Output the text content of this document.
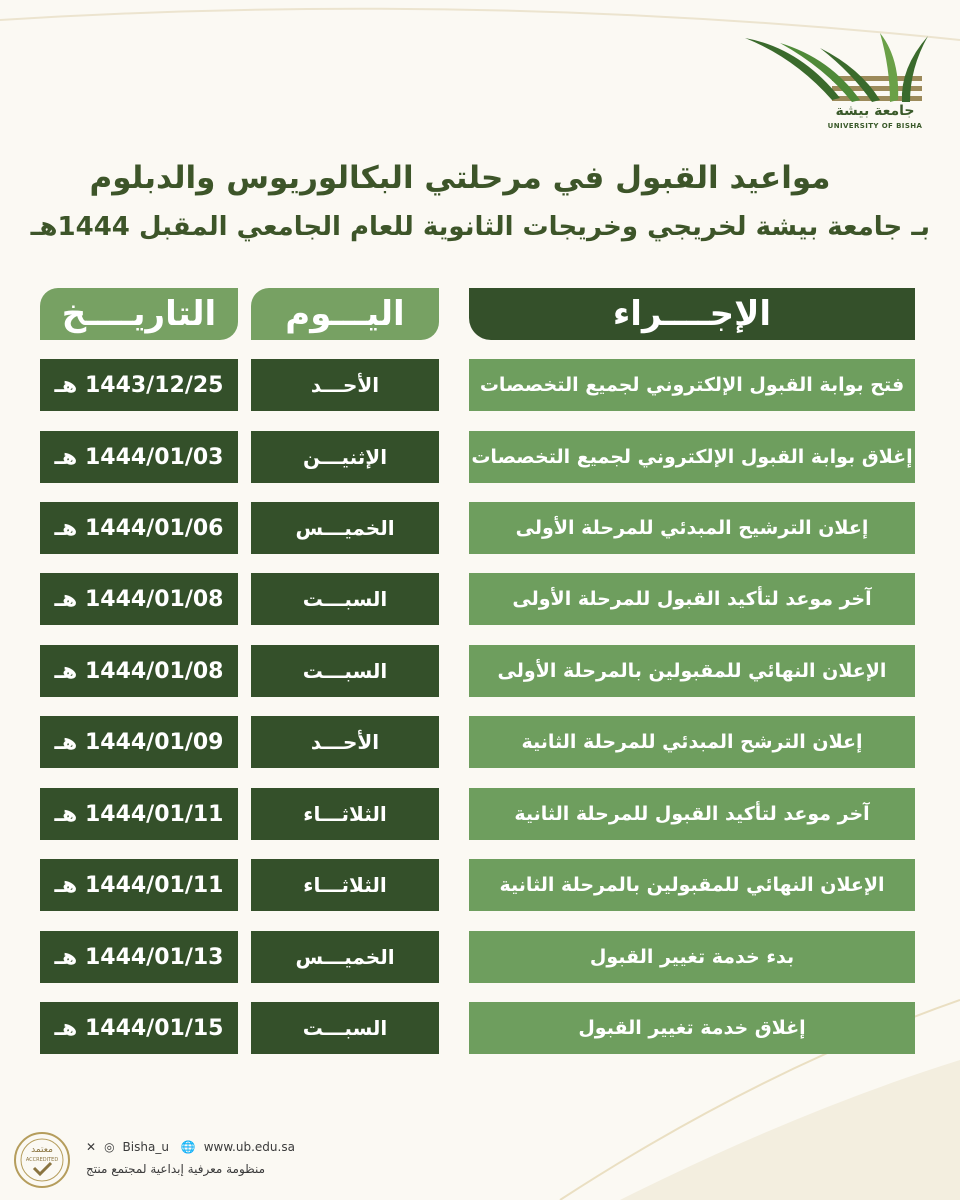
جامعة بيشة
UNIVERSITY OF BISHA
مواعيد القبول في مرحلتي البكالوريوس والدبلوم
بـ جامعة بيشة لخريجي وخريجات الثانوية للعام الجامعي المقبل 1444هـ
الإجــــراء
اليـــوم
التاريــــخ
فتح بوابة القبول الإلكتروني لجميع التخصصات
الأحـــد
1443/12/25 هـ
إغلاق بوابة القبول الإلكتروني لجميع التخصصات
الإثنيـــن
1444/01/03 هـ
إعلان الترشيح المبدئي للمرحلة الأولى
الخميـــس
1444/01/06 هـ
آخر موعد لتأكيد القبول للمرحلة الأولى
السبـــت
1444/01/08 هـ
الإعلان النهائي للمقبولين بالمرحلة الأولى
السبـــت
1444/01/08 هـ
إعلان الترشح المبدئي للمرحلة الثانية
الأحـــد
1444/01/09 هـ
آخر موعد لتأكيد القبول للمرحلة الثانية
الثلاثـــاء
1444/01/11 هـ
الإعلان النهائي للمقبولين بالمرحلة الثانية
الثلاثـــاء
1444/01/11 هـ
بدء خدمة تغيير القبول
الخميـــس
1444/01/13 هـ
إغلاق خدمة تغيير القبول
السبـــت
1444/01/15 هـ
معتمد
ACCREDITED
✕ ◎ Bisha_u 🌐 www.ub.edu.sa
منظومة معرفية إبداعية لمجتمع منتج
